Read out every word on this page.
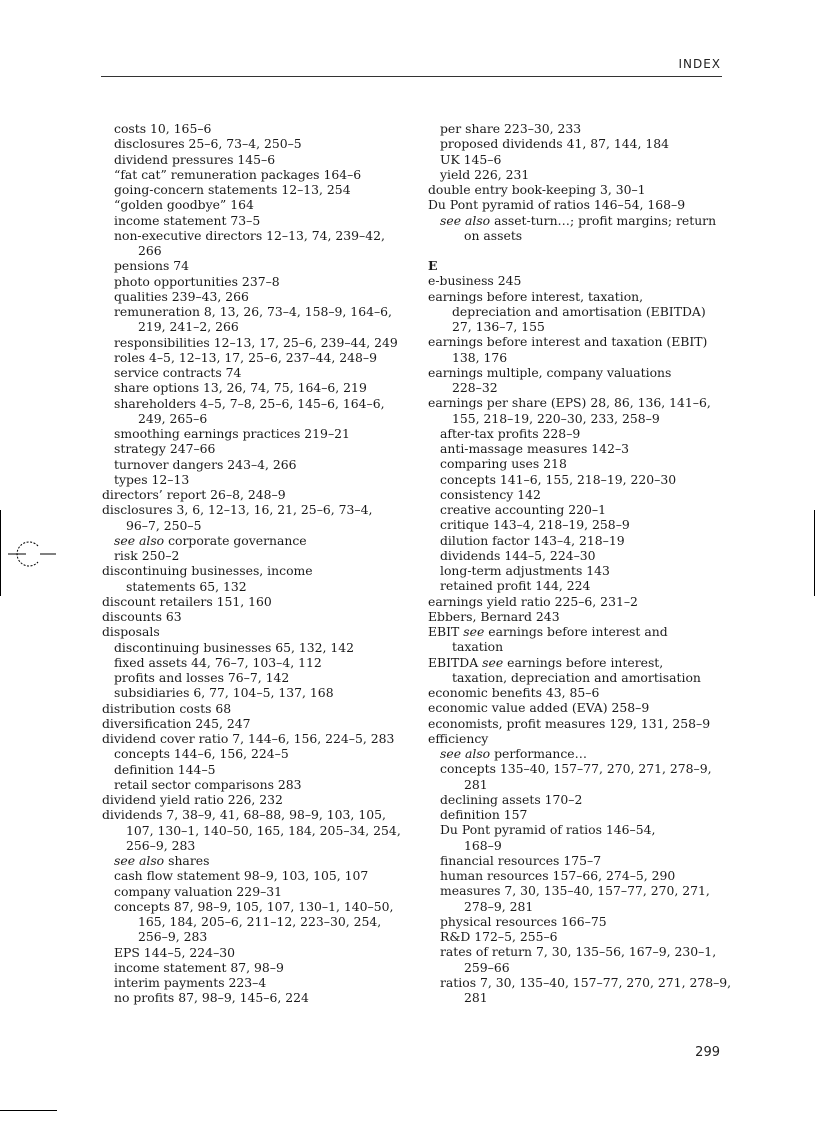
INDEX
costs 10, 165–6
disclosures 25–6, 73–4, 250–5
dividend pressures 145–6
“fat cat” remuneration packages 164–6
going-concern statements 12–13, 254
“golden goodbye” 164
income statement 73–5
non-executive directors 12–13, 74, 239–42,
266
pensions 74
photo opportunities 237–8
qualities 239–43, 266
remuneration 8, 13, 26, 73–4, 158–9, 164–6,
219, 241–2, 266
responsibilities 12–13, 17, 25–6, 239–44, 249
roles 4–5, 12–13, 17, 25–6, 237–44, 248–9
service contracts 74
share options 13, 26, 74, 75, 164–6, 219
shareholders 4–5, 7–8, 25–6, 145–6, 164–6,
249, 265–6
smoothing earnings practices 219–21
strategy 247–66
turnover dangers 243–4, 266
types 12–13
directors’ report 26–8, 248–9
disclosures 3, 6, 12–13, 16, 21, 25–6, 73–4,
96–7, 250–5
see also corporate governance
risk 250–2
discontinuing businesses, income
statements 65, 132
discount retailers 151, 160
discounts 63
disposals
discontinuing businesses 65, 132, 142
fixed assets 44, 76–7, 103–4, 112
profits and losses 76–7, 142
subsidiaries 6, 77, 104–5, 137, 168
distribution costs 68
diversification 245, 247
dividend cover ratio 7, 144–6, 156, 224–5, 283
concepts 144–6, 156, 224–5
definition 144–5
retail sector comparisons 283
dividend yield ratio 226, 232
dividends 7, 38–9, 41, 68–88, 98–9, 103, 105,
107, 130–1, 140–50, 165, 184, 205–34, 254,
256–9, 283
see also shares
cash flow statement 98–9, 103, 105, 107
company valuation 229–31
concepts 87, 98–9, 105, 107, 130–1, 140–50,
165, 184, 205–6, 211–12, 223–30, 254,
256–9, 283
EPS 144–5, 224–30
income statement 87, 98–9
interim payments 223–4
no profits 87, 98–9, 145–6, 224
per share 223–30, 233
proposed dividends 41, 87, 144, 184
UK 145–6
yield 226, 231
double entry book-keeping 3, 30–1
Du Pont pyramid of ratios 146–54, 168–9
see also asset-turn…; profit margins; return
on assets
E
e-business 245
earnings before interest, taxation,
depreciation and amortisation (EBITDA)
27, 136–7, 155
earnings before interest and taxation (EBIT)
138, 176
earnings multiple, company valuations
228–32
earnings per share (EPS) 28, 86, 136, 141–6,
155, 218–19, 220–30, 233, 258–9
after-tax profits 228–9
anti-massage measures 142–3
comparing uses 218
concepts 141–6, 155, 218–19, 220–30
consistency 142
creative accounting 220–1
critique 143–4, 218–19, 258–9
dilution factor 143–4, 218–19
dividends 144–5, 224–30
long-term adjustments 143
retained profit 144, 224
earnings yield ratio 225–6, 231–2
Ebbers, Bernard 243
EBIT see earnings before interest and
taxation
EBITDA see earnings before interest,
taxation, depreciation and amortisation
economic benefits 43, 85–6
economic value added (EVA) 258–9
economists, profit measures 129, 131, 258–9
efficiency
see also performance…
concepts 135–40, 157–77, 270, 271, 278–9,
281
declining assets 170–2
definition 157
Du Pont pyramid of ratios 146–54,
168–9
financial resources 175–7
human resources 157–66, 274–5, 290
measures 7, 30, 135–40, 157–77, 270, 271,
278–9, 281
physical resources 166–75
R&D 172–5, 255–6
rates of return 7, 30, 135–56, 167–9, 230–1,
259–66
ratios 7, 30, 135–40, 157–77, 270, 271, 278–9,
281
299
